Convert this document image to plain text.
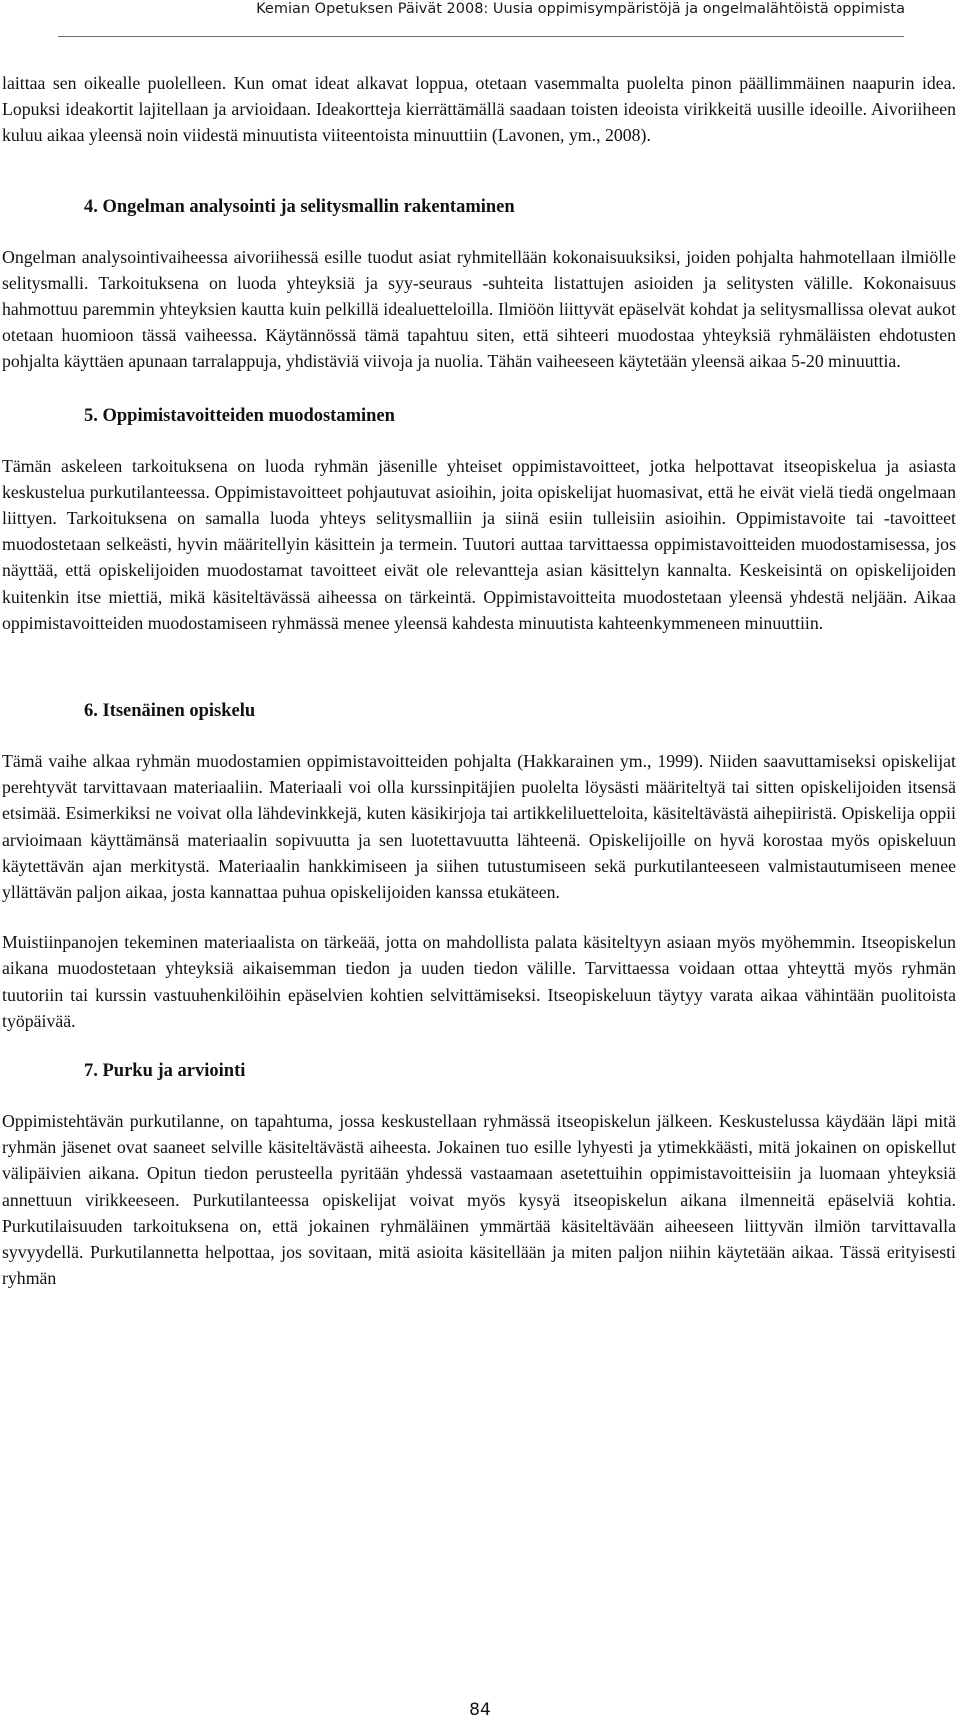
Kemian Opetuksen Päivät 2008: Uusia oppimisympäristöjä ja ongelmalähtöistä oppimista

laittaa sen oikealle puolelleen. Kun omat ideat alkavat loppua, otetaan vasemmalta puolelta pinon päällimmäinen naapurin idea. Lopuksi ideakortit lajitellaan ja arvioidaan. Ideakortteja kierrättämällä saadaan toisten ideoista virikkeitä uusille ideoille. Aivoriiheen kuluu aikaa yleensä noin viidestä minuutista viiteentoista minuuttiin (Lavonen, ym., 2008).

4. Ongelman analysointi ja selitysmallin rakentaminen

Ongelman analysointivaiheessa aivoriihessä esille tuodut asiat ryhmitellään kokonaisuuksiksi, joiden pohjalta hahmotellaan ilmiölle selitysmalli. Tarkoituksena on luoda yhteyksiä ja syy-seuraus -suhteita listattujen asioiden ja selitysten välille. Kokonaisuus hahmottuu paremmin yhteyksien kautta kuin pelkillä idealuetteloilla. Ilmiöön liittyvät epäselvät kohdat ja selitysmallissa olevat aukot otetaan huomioon tässä vaiheessa. Käytännössä tämä tapahtuu siten, että sihteeri muodostaa yhteyksiä ryhmäläisten ehdotusten pohjalta käyttäen apunaan tarralappuja, yhdistäviä viivoja ja nuolia. Tähän vaiheeseen käytetään yleensä aikaa 5-20 minuuttia.

5. Oppimistavoitteiden muodostaminen

Tämän askeleen tarkoituksena on luoda ryhmän jäsenille yhteiset oppimistavoitteet, jotka helpottavat itseopiskelua ja asiasta keskustelua purkutilanteessa. Oppimistavoitteet pohjautuvat asioihin, joita opiskelijat huomasivat, että he eivät vielä tiedä ongelmaan liittyen. Tarkoituksena on samalla luoda yhteys selitysmalliin ja siinä esiin tulleisiin asioihin. Oppimistavoite tai -tavoitteet muodostetaan selkeästi, hyvin määritellyin käsittein ja termein. Tuutori auttaa tarvittaessa oppimistavoitteiden muodostamisessa, jos näyttää, että opiskelijoiden muodostamat tavoitteet eivät ole relevantteja asian käsittelyn kannalta. Keskeisintä on opiskelijoiden kuitenkin itse miettiä, mikä käsiteltävässä aiheessa on tärkeintä. Oppimistavoitteita muodostetaan yleensä yhdestä neljään. Aikaa oppimistavoitteiden muodostamiseen ryhmässä menee yleensä kahdesta minuutista kahteenkymmeneen minuuttiin.

6. Itsenäinen opiskelu

Tämä vaihe alkaa ryhmän muodostamien oppimistavoitteiden pohjalta (Hakkarainen ym., 1999). Niiden saavuttamiseksi opiskelijat perehtyvät tarvittavaan materiaaliin. Materiaali voi olla kurssinpitäjien puolelta löysästi määriteltyä tai sitten opiskelijoiden itsensä etsimää. Esimerkiksi ne voivat olla lähdevinkkejä, kuten käsikirjoja tai artikkeliluetteloita, käsiteltävästä aihepiiristä. Opiskelija oppii arvioimaan käyttämänsä materiaalin sopivuutta ja sen luotettavuutta lähteenä. Opiskelijoille on hyvä korostaa myös opiskeluun käytettävän ajan merkitystä. Materiaalin hankkimiseen ja siihen tutustumiseen sekä purkutilanteeseen valmistautumiseen menee yllättävän paljon aikaa, josta kannattaa puhua opiskelijoiden kanssa etukäteen.

Muistiinpanojen tekeminen materiaalista on tärkeää, jotta on mahdollista palata käsiteltyyn asiaan myös myöhemmin. Itseopiskelun aikana muodostetaan yhteyksiä aikaisemman tiedon ja uuden tiedon välille. Tarvittaessa voidaan ottaa yhteyttä myös ryhmän tuutoriin tai kurssin vastuuhenkilöihin epäselvien kohtien selvittämiseksi. Itseopiskeluun täytyy varata aikaa vähintään puolitoista työpäivää.

7. Purku ja arviointi

Oppimistehtävän purkutilanne, on tapahtuma, jossa keskustellaan ryhmässä itseopiskelun jälkeen. Keskustelussa käydään läpi mitä ryhmän jäsenet ovat saaneet selville käsiteltävästä aiheesta. Jokainen tuo esille lyhyesti ja ytimekkäästi, mitä jokainen on opiskellut välipäivien aikana. Opitun tiedon perusteella pyritään yhdessä vastaamaan asetettuihin oppimistavoitteisiin ja luomaan yhteyksiä annettuun virikkeeseen. Purkutilanteessa opiskelijat voivat myös kysyä itseopiskelun aikana ilmenneitä epäselviä kohtia. Purkutilaisuuden tarkoituksena on, että jokainen ryhmäläinen ymmärtää käsiteltävään aiheeseen liittyvän ilmiön tarvittavalla syvyydellä. Purkutilannetta helpottaa, jos sovitaan, mitä asioita käsitellään ja miten paljon niihin käytetään aikaa. Tässä erityisesti ryhmän

84
